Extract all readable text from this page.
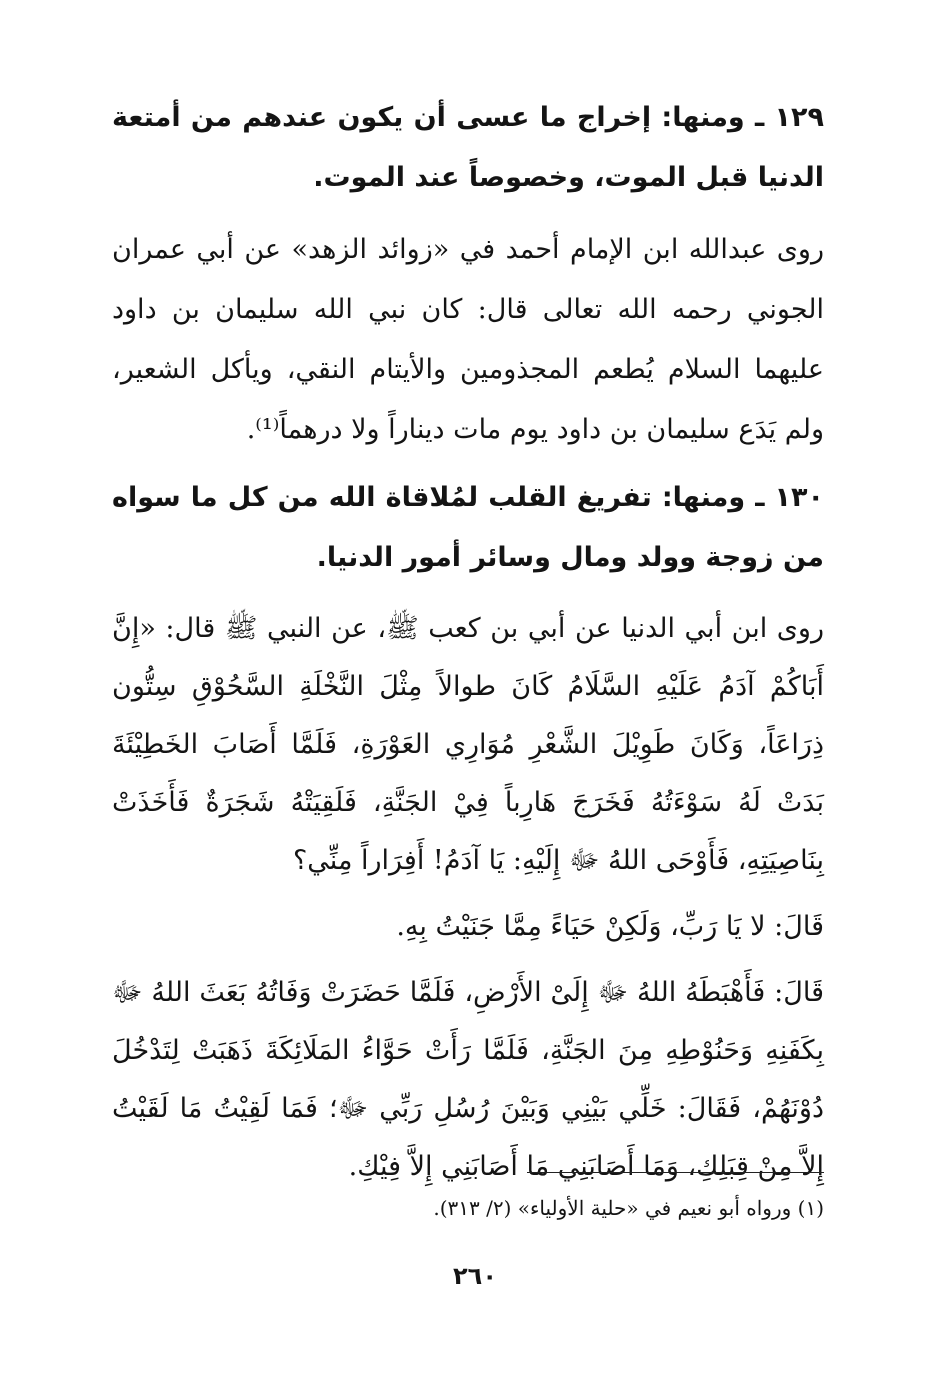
١٢٩ ـ ومنها: إخراج ما عسى أن يكون عندهم من أمتعة الدنيا قبل الموت، وخصوصاً عند الموت.

روى عبدالله ابن الإمام أحمد في «زوائد الزهد» عن أبي عمران الجوني رحمه الله تعالى قال: كان نبي الله سليمان بن داود عليهما السلام يُطعم المجذومين والأيتام النقي، ويأكل الشعير، ولم يَدَع سليمان بن داود يوم مات ديناراً ولا درهماً⁽¹⁾.

١٣٠ ـ ومنها: تفريغ القلب لمُلاقاة الله من كل ما سواه من زوجة وولد ومال وسائر أمور الدنيا.

روى ابن أبي الدنيا عن أبي بن كعب ﷺ، عن النبي ﷺ قال: «إِنَّ أَبَاكُمْ آدَمُ عَلَيْهِ السَّلَامُ كَانَ طوالاً مِثْلَ النَّخْلَةِ السَّحُوْقِ سِتُّون ذِرَاعَاً، وَكَانَ طَوِيْلَ الشَّعْرِ مُوَارِي العَوْرَةِ، فَلَمَّا أَصَابَ الخَطِيْئَةَ بَدَتْ لَهُ سَوْءَتُهُ فَخَرَجَ هَارِباً فِيْ الجَنَّةِ، فَلَقِيَتْهُ شَجَرَةٌ فَأَخَذَتْ بِنَاصِيَتِهِ، فَأَوْحَى اللهُ ﷻ إِلَيْهِ: يَا آدَمُ! أَفِرَاراً مِنِّي؟

قَالَ: لا يَا رَبِّ، وَلَكِنْ حَيَاءً مِمَّا جَنَيْتُ بِهِ.

قَالَ: فَأَهْبَطَهُ اللهُ ﷻ إِلَىْ الأَرْضِ، فَلَمَّا حَضَرَتْ وَفَاتُهُ بَعَثَ اللهُ ﷻ بِكَفَنِهِ وَحَنُوْطِهِ مِنَ الجَنَّةِ، فَلَمَّا رَأَتْ حَوَّاءُ المَلَائِكَةَ ذَهَبَتْ لِتَدْخُلَ دُوْنَهُمْ، فَقَالَ: خَلِّي بَيْنِي وَبَيْنَ رُسُلِ رَبِّي ﷻ؛ فَمَا لَقِيْتُ مَا لَقَيْتُ إِلاَّ مِنْ قِبَلِكِ، وَمَا أَصَابَنِي مَا أَصَابَنِي إِلاَّ فِيْكِ.

(١) ورواه أبو نعيم في «حلية الأولياء» (٢/ ٣١٣).
٢٦٠
